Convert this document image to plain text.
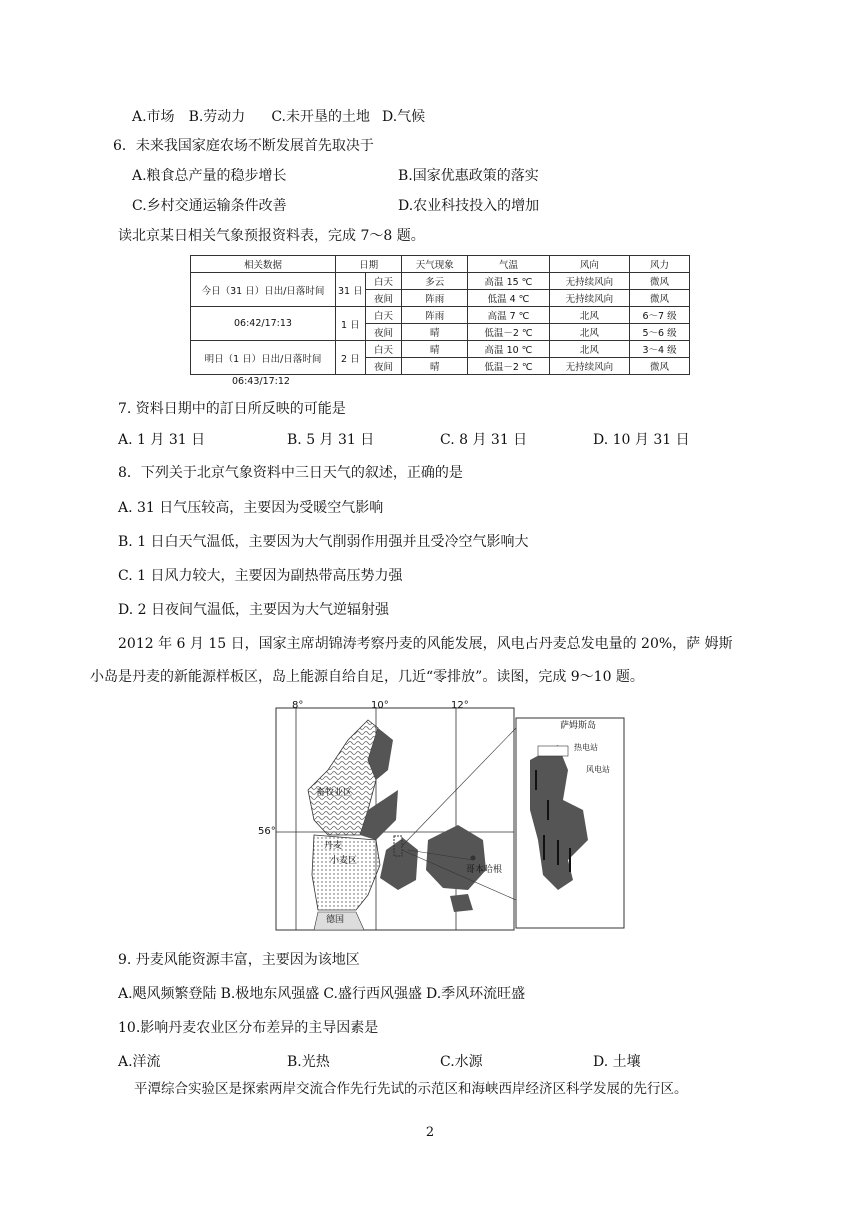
A.市场 B.劳动力 C.未开垦的土地 D.气候
6．未来我国家庭农场不断发展首先取决于
A.粮食总产量的稳步增长	B.国家优惠政策的落实
C.乡村交通运输条件改善	D.农业科技投入的增加
读北京某日相关气象预报资料表，完成 7～8 题。
相关数据	日期		天气现象	气温	风向	风力
今日（31 日）日出/日落时间	31 日	白天	多云	高温 15 ℃	无持续风向	微风
		夜间	阵雨	低温 4 ℃	无持续风向	微风
06:42/17:13	1 日	白天	阵雨	高温 7 ℃	北风	6～7 级
		夜间	晴	低温－2 ℃	北风	5～6 级
明日（1 日）日出/日落时间	2 日	白天	晴	高温 10 ℃	北风	3～4 级
		夜间	晴	低温－2 ℃	无持续风向	微风
06:43/17:12
7. 资料日期中的訂日所反映的可能是
A. 1 月 31 日	B. 5 月 31 日	C. 8 月 31 日	D. 10 月 31 日
8．下列关于北京气象资料中三日天气的叙述，正确的是
A. 31 日气压较高，主要因为受暖空气影响
B. 1 日白天气温低，主要因为大气削弱作用强并且受冷空气影响大
C. 1 日风力较大，主要因为副热带高压势力强
D. 2 日夜间气温低，主要因为大气逆辐射强
2012 年 6 月 15 日，国家主席胡锦涛考察丹麦的风能发展，风电占丹麦总发电量的 20%，萨 姆斯
小岛是丹麦的新能源样板区，岛上能源自给自足，几近“零排放”。读图，完成 9～10 题。
8°	10°	12°
56°
畜牧业区
丹麦
小麦区
德国
哥本哈根
萨姆斯岛
热电站
风电站
9. 丹麦风能资源丰富，主要因为该地区
A.飓风频繁登陆 B.极地东风强盛 C.盛行西风强盛 D.季风环流旺盛
10.影响丹麦农业区分布差异的主导因素是
A.洋流	B.光热	C.水源	D. 土壤
平潭综合实验区是探索两岸交流合作先行先试的示范区和海峡西岸经济区科学发展的先行区。
2
